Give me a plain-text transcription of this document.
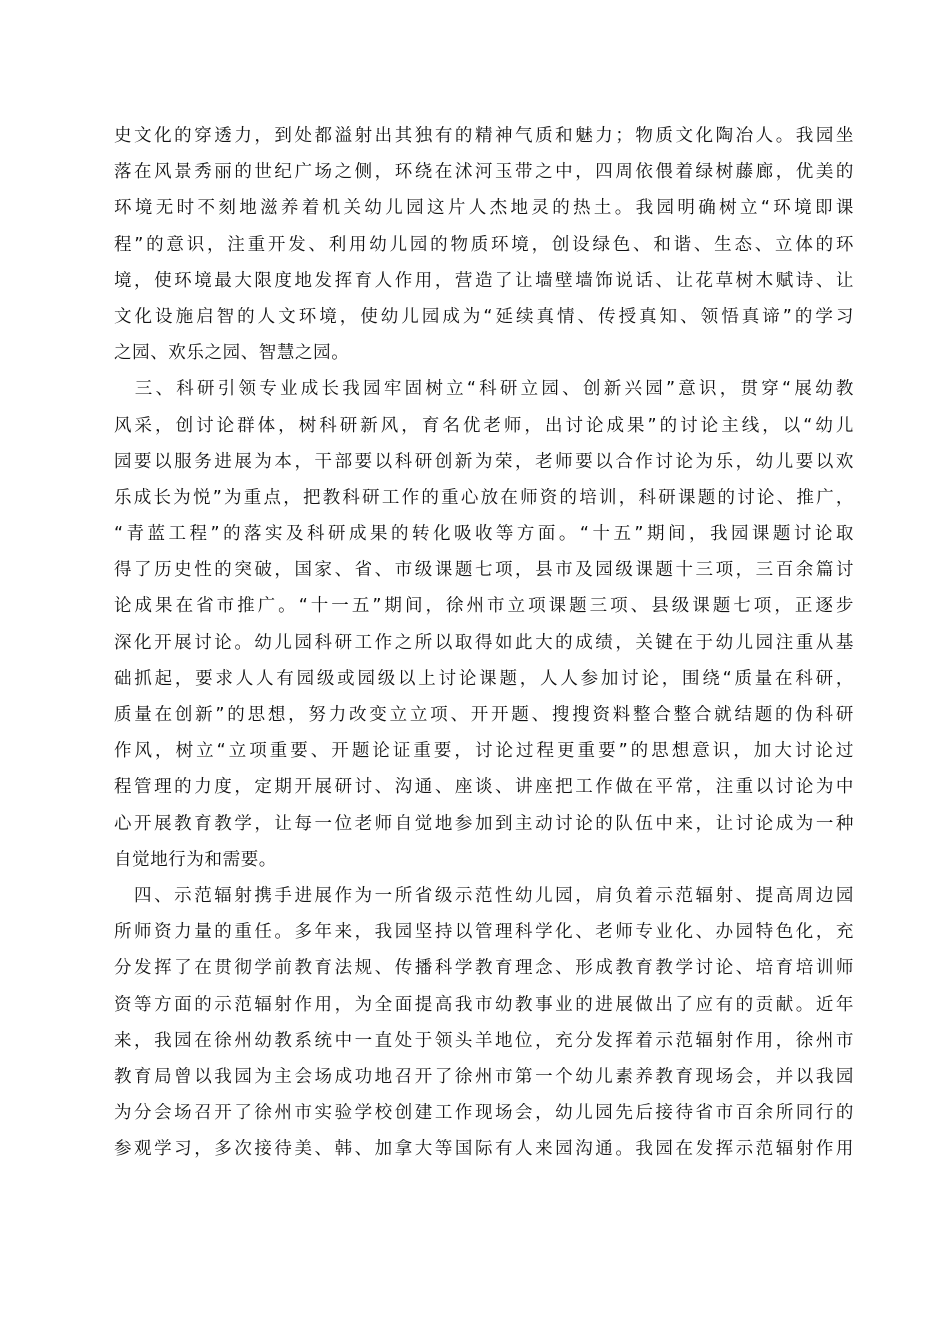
史文化的穿透力，到处都溢射出其独有的精神气质和魅力；物质文化陶冶人。我园坐
落在风景秀丽的世纪广场之侧，环绕在沭河玉带之中，四周依偎着绿树藤廊，优美的
环境无时不刻地滋养着机关幼儿园这片人杰地灵的热土。我园明确树立“环境即课
程”的意识，注重开发、利用幼儿园的物质环境，创设绿色、和谐、生态、立体的环
境，使环境最大限度地发挥育人作用，营造了让墙壁墙饰说话、让花草树木赋诗、让
文化设施启智的人文环境，使幼儿园成为“延续真情、传授真知、领悟真谛”的学习
之园、欢乐之园、智慧之园。
　三、科研引领专业成长我园牢固树立“科研立园、创新兴园”意识，贯穿“展幼教
风采，创讨论群体，树科研新风，育名优老师，出讨论成果”的讨论主线，以“幼儿
园要以服务进展为本，干部要以科研创新为荣，老师要以合作讨论为乐，幼儿要以欢
乐成长为悦”为重点，把教科研工作的重心放在师资的培训，科研课题的讨论、推广，
“青蓝工程”的落实及科研成果的转化吸收等方面。“十五”期间，我园课题讨论取
得了历史性的突破，国家、省、市级课题七项，县市及园级课题十三项，三百余篇讨
论成果在省市推广。“十一五”期间，徐州市立项课题三项、县级课题七项，正逐步
深化开展讨论。幼儿园科研工作之所以取得如此大的成绩，关键在于幼儿园注重从基
础抓起，要求人人有园级或园级以上讨论课题，人人参加讨论，围绕“质量在科研，
质量在创新”的思想，努力改变立立项、开开题、搜搜资料整合整合就结题的伪科研
作风，树立“立项重要、开题论证重要，讨论过程更重要”的思想意识，加大讨论过
程管理的力度，定期开展研讨、沟通、座谈、讲座把工作做在平常，注重以讨论为中
心开展教育教学，让每一位老师自觉地参加到主动讨论的队伍中来，让讨论成为一种
自觉地行为和需要。
　四、示范辐射携手进展作为一所省级示范性幼儿园，肩负着示范辐射、提高周边园
所师资力量的重任。多年来，我园坚持以管理科学化、老师专业化、办园特色化，充
分发挥了在贯彻学前教育法规、传播科学教育理念、形成教育教学讨论、培育培训师
资等方面的示范辐射作用，为全面提高我市幼教事业的进展做出了应有的贡献。近年
来，我园在徐州幼教系统中一直处于领头羊地位，充分发挥着示范辐射作用，徐州市
教育局曾以我园为主会场成功地召开了徐州市第一个幼儿素养教育现场会，并以我园
为分会场召开了徐州市实验学校创建工作现场会，幼儿园先后接待省市百余所同行的
参观学习，多次接待美、韩、加拿大等国际有人来园沟通。我园在发挥示范辐射作用
